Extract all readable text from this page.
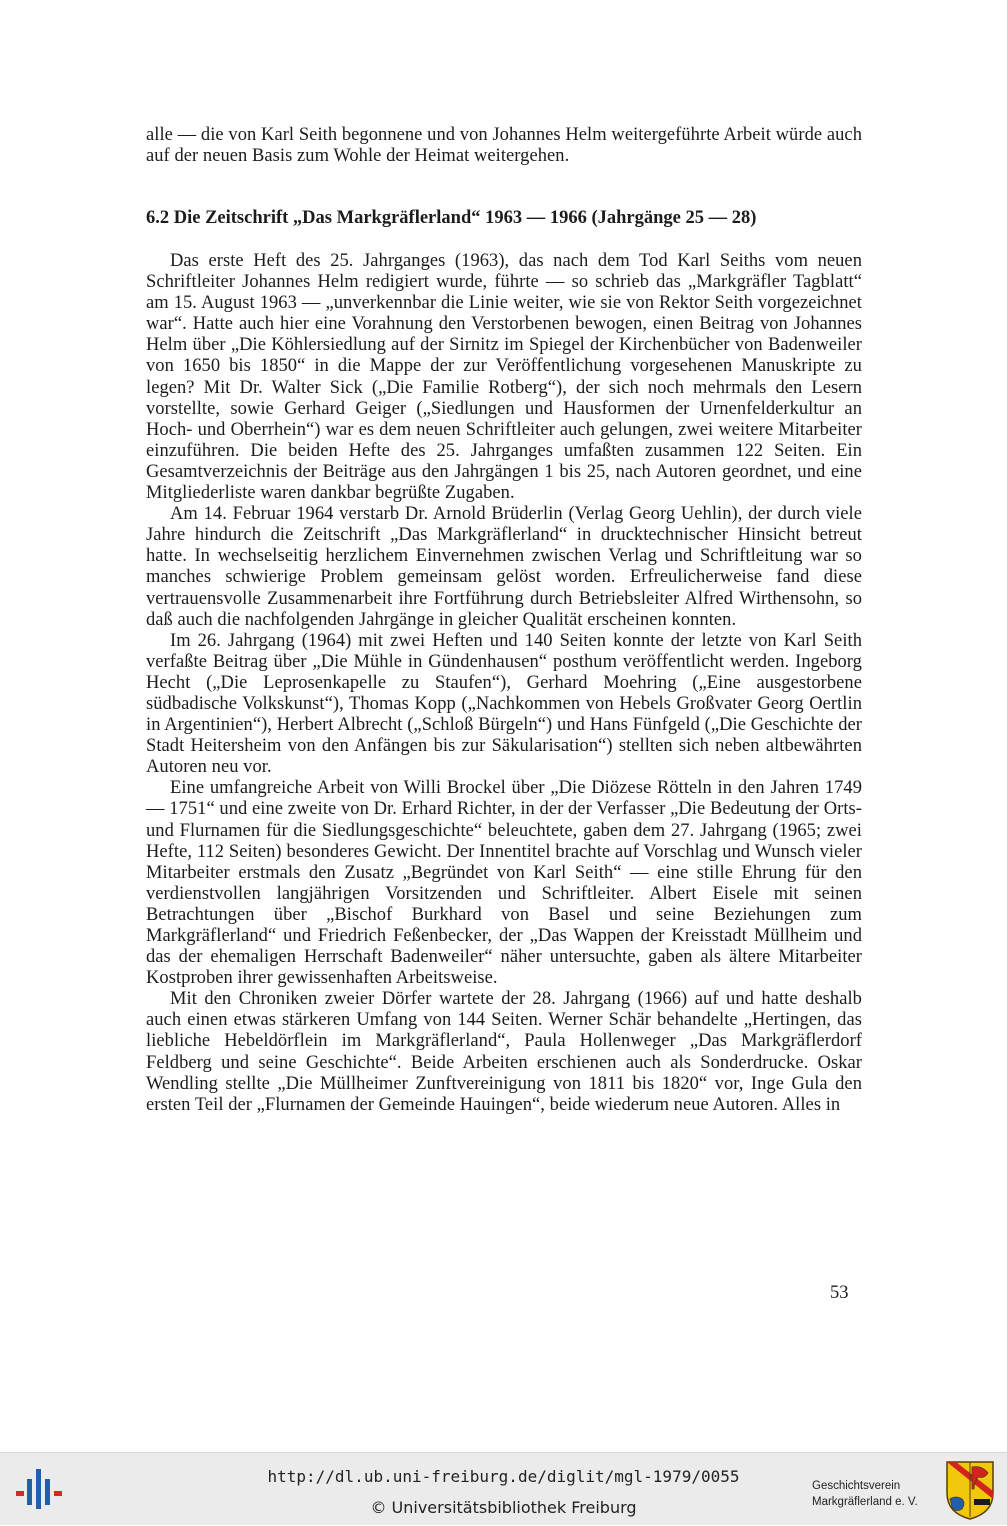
alle — die von Karl Seith begonnene und von Johannes Helm weitergeführte Arbeit würde auch auf der neuen Basis zum Wohle der Heimat weitergehen.

6.2 Die Zeitschrift „Das Markgräflerland“ 1963 — 1966 (Jahrgänge 25 — 28)

Das erste Heft des 25. Jahrganges (1963), das nach dem Tod Karl Seiths vom neuen Schriftleiter Johannes Helm redigiert wurde, führte — so schrieb das „Markgräfler Tagblatt“ am 15. August 1963 — „unverkennbar die Linie weiter, wie sie von Rektor Seith vorgezeichnet war“. Hatte auch hier eine Vorahnung den Verstorbenen bewogen, einen Beitrag von Johannes Helm über „Die Köhlersiedlung auf der Sirnitz im Spiegel der Kirchenbücher von Badenweiler von 1650 bis 1850“ in die Mappe der zur Veröffentlichung vorgesehenen Manuskripte zu legen? Mit Dr. Walter Sick („Die Familie Rotberg“), der sich noch mehrmals den Lesern vorstellte, sowie Gerhard Geiger („Siedlungen und Hausformen der Urnenfelderkultur an Hoch- und Oberrhein“) war es dem neuen Schriftleiter auch gelungen, zwei weitere Mitarbeiter einzuführen. Die beiden Hefte des 25. Jahrganges umfaßten zusammen 122 Seiten. Ein Gesamtverzeichnis der Beiträge aus den Jahrgängen 1 bis 25, nach Autoren geordnet, und eine Mitgliederliste waren dankbar begrüßte Zugaben.

Am 14. Februar 1964 verstarb Dr. Arnold Brüderlin (Verlag Georg Uehlin), der durch viele Jahre hindurch die Zeitschrift „Das Markgräflerland“ in drucktechnischer Hinsicht betreut hatte. In wechselseitig herzlichem Einvernehmen zwischen Verlag und Schriftleitung war so manches schwierige Problem gemeinsam gelöst worden. Erfreulicherweise fand diese vertrauensvolle Zusammenarbeit ihre Fortführung durch Betriebsleiter Alfred Wirthensohn, so daß auch die nachfolgenden Jahrgänge in gleicher Qualität erscheinen konnten.

Im 26. Jahrgang (1964) mit zwei Heften und 140 Seiten konnte der letzte von Karl Seith verfaßte Beitrag über „Die Mühle in Gündenhausen“ posthum veröffentlicht werden. Ingeborg Hecht („Die Leprosenkapelle zu Staufen“), Gerhard Moehring („Eine ausgestorbene südbadische Volkskunst“), Thomas Kopp („Nachkommen von Hebels Großvater Georg Oertlin in Argentinien“), Herbert Albrecht („Schloß Bürgeln“) und Hans Fünfgeld („Die Geschichte der Stadt Heitersheim von den Anfängen bis zur Säkularisation“) stellten sich neben altbewährten Autoren neu vor.

Eine umfangreiche Arbeit von Willi Brockel über „Die Diözese Rötteln in den Jahren 1749 — 1751“ und eine zweite von Dr. Erhard Richter, in der der Verfasser „Die Bedeutung der Orts- und Flurnamen für die Siedlungsgeschichte“ beleuchtete, gaben dem 27. Jahrgang (1965; zwei Hefte, 112 Seiten) besonderes Gewicht. Der Innentitel brachte auf Vorschlag und Wunsch vieler Mitarbeiter erstmals den Zusatz „Begründet von Karl Seith“ — eine stille Ehrung für den verdienstvollen langjährigen Vorsitzenden und Schriftleiter. Albert Eisele mit seinen Betrachtungen über „Bischof Burkhard von Basel und seine Beziehungen zum Markgräflerland“ und Friedrich Feßenbecker, der „Das Wappen der Kreisstadt Müllheim und das der ehemaligen Herrschaft Badenweiler“ näher untersuchte, gaben als ältere Mitarbeiter Kostproben ihrer gewissenhaften Arbeitsweise.

Mit den Chroniken zweier Dörfer wartete der 28. Jahrgang (1966) auf und hatte deshalb auch einen etwas stärkeren Umfang von 144 Seiten. Werner Schär behandelte „Hertingen, das liebliche Hebeldörflein im Markgräflerland“, Paula Hollenweger „Das Markgräflerdorf Feldberg und seine Geschichte“. Beide Arbeiten erschienen auch als Sonderdrucke. Oskar Wendling stellte „Die Müllheimer Zunftvereinigung von 1811 bis 1820“ vor, Inge Gula den ersten Teil der „Flurnamen der Gemeinde Hauingen“, beide wiederum neue Autoren. Alles in

53
http://dl.ub.uni-freiburg.de/diglit/mgl-1979/0055
© Universitätsbibliothek Freiburg
Geschichtsverein
Markgräflerland e. V.
